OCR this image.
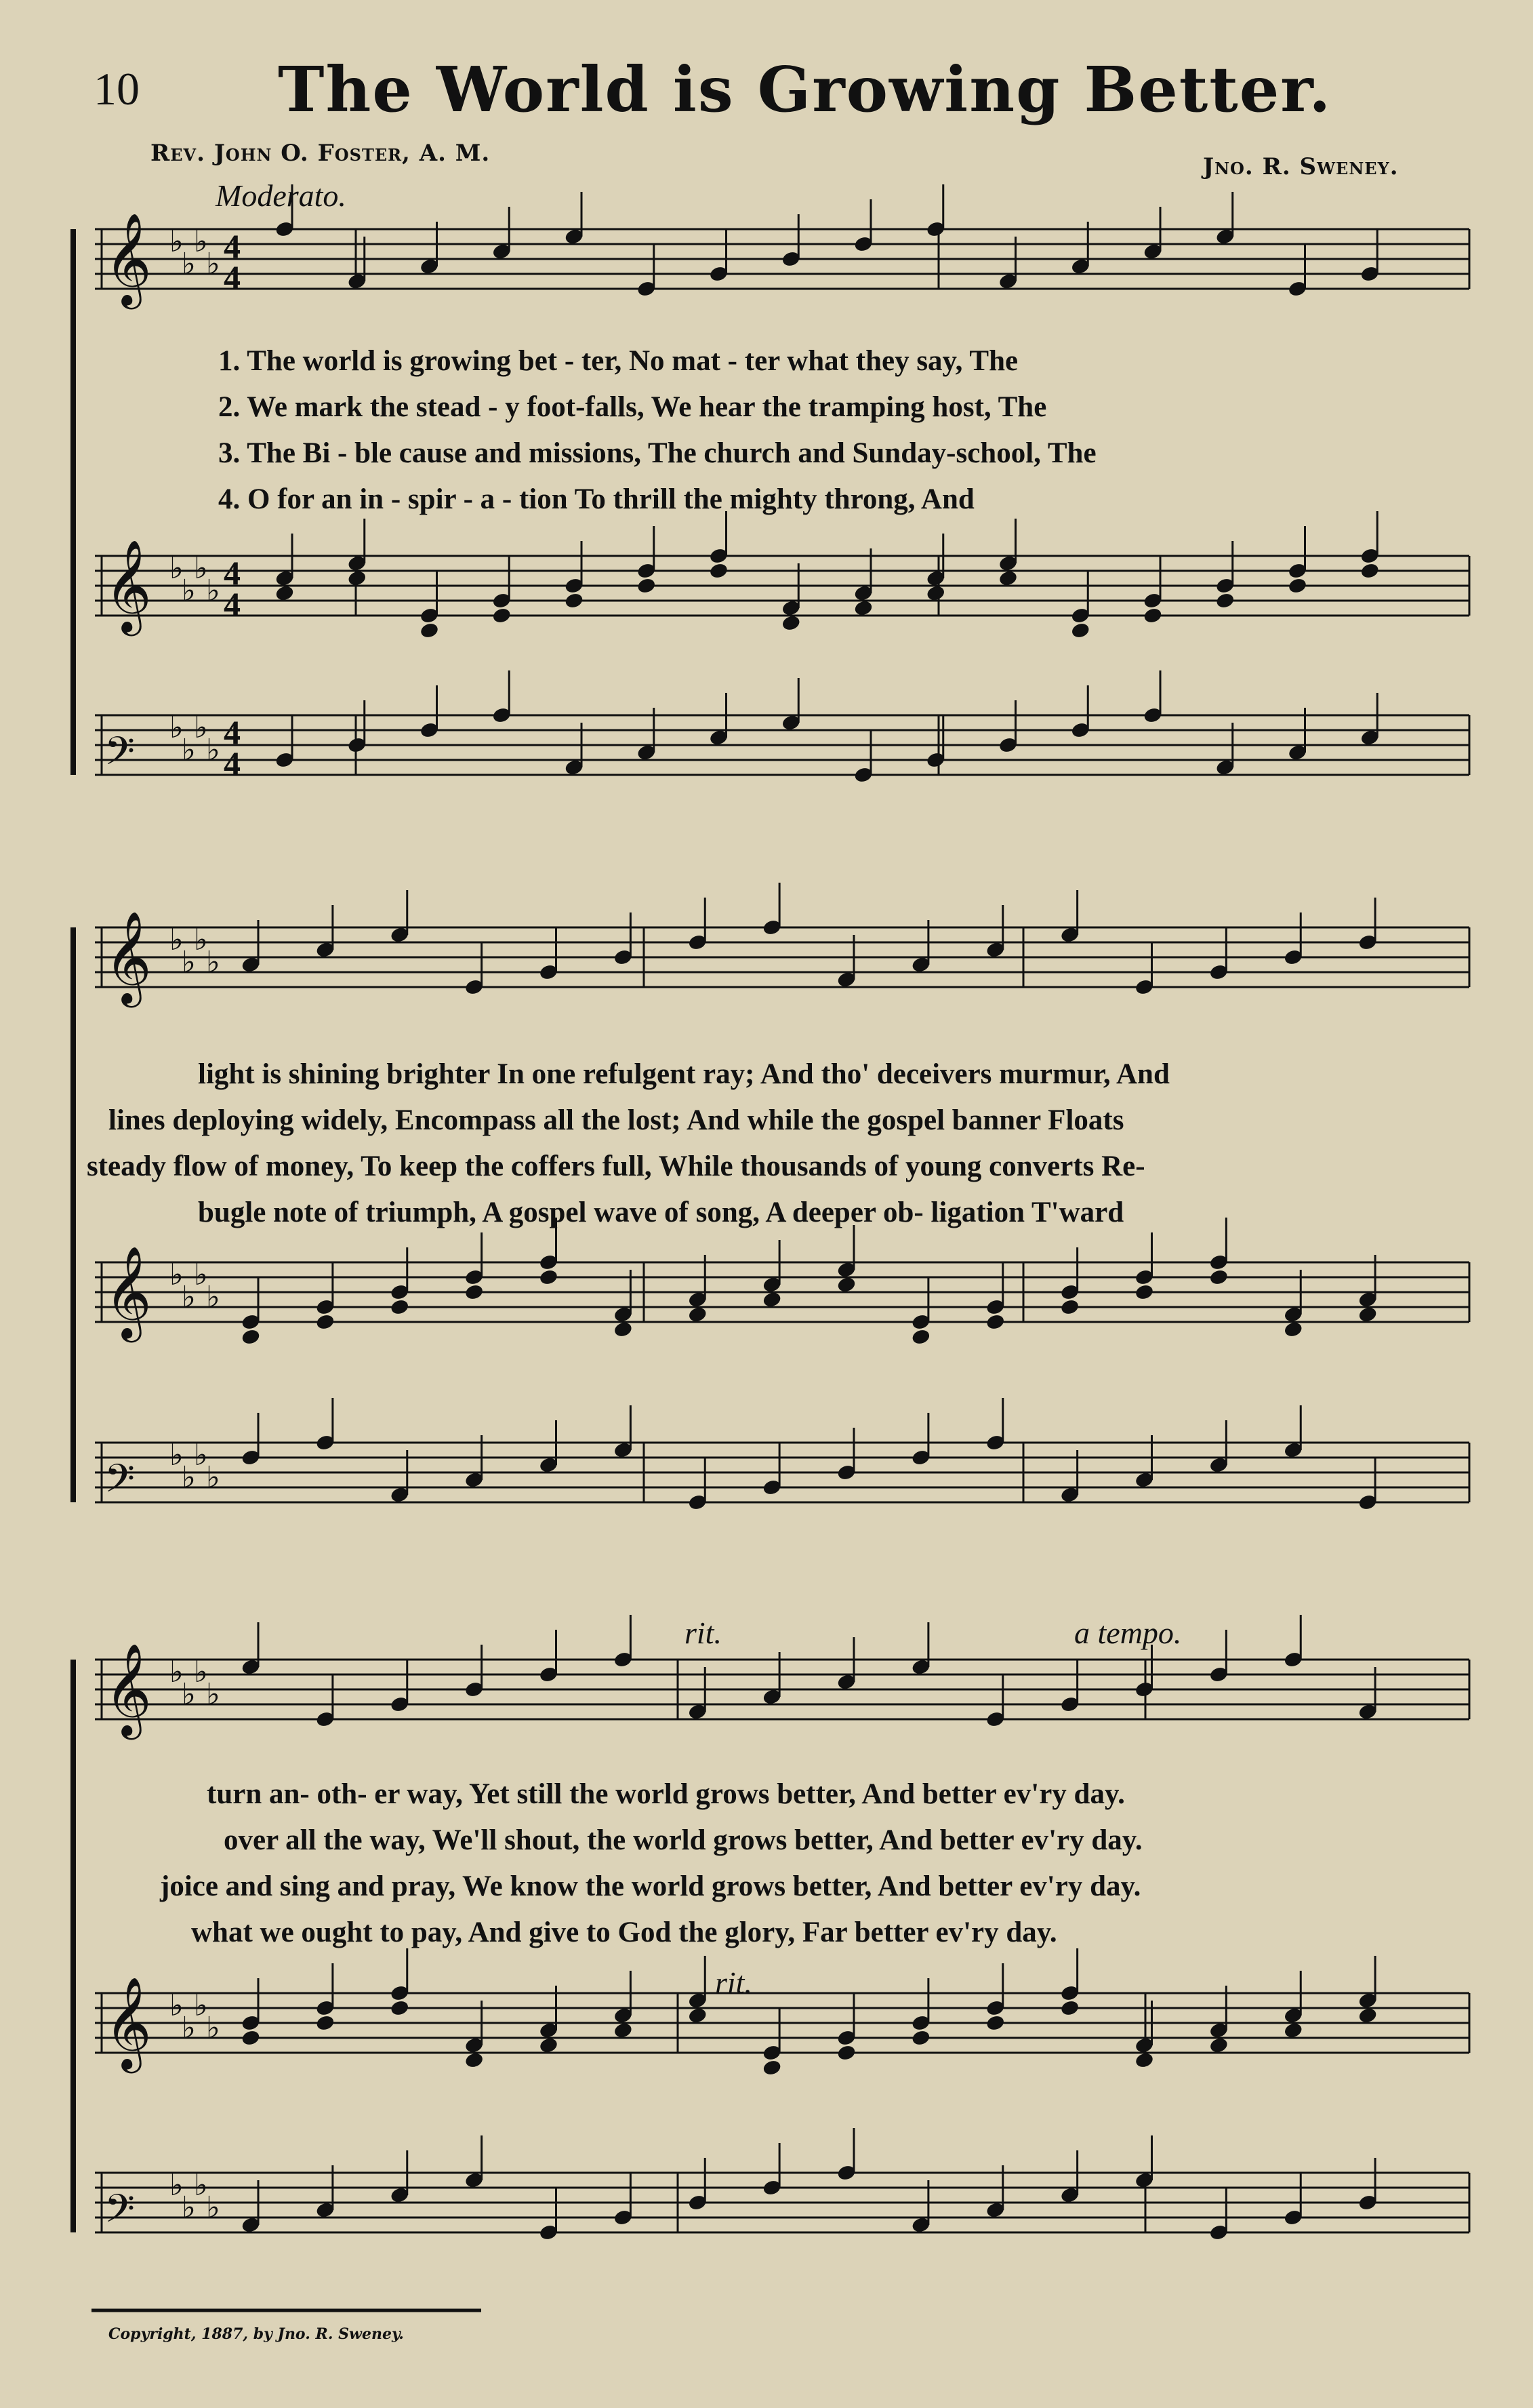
𝄞 ♭
♭
♭
♭ 4
4
𝄞 ♭
♭
♭
♭ 4
4
𝄢
♭
♭
♭
♭ 4
4
𝄞 ♭
♭
♭
♭
𝄞 ♭
♭
♭
♭
𝄢
♭
♭
♭
♭
𝄞 ♭
♭
♭
♭
𝄞 ♭
♭
♭
♭
𝄢
♭
♭
♭
♭
10 The World is Growing Better.
Rev. John O. Foster, A. M.	Jno. R. Sweney.
Moderato.
1. The world is growing bet - ter, No mat - ter what they say, The
2. We mark the stead - y foot-falls, We hear the tramping host, The
3. The Bi - ble cause and missions, The church and Sunday-school, The
4. O for an in - spir - a - tion To thrill the mighty throng, And
light is shining brighter In one refulgent ray; And tho' deceivers murmur, And
lines deploying widely, Encompass all the lost; And while the gospel banner Floats
steady flow of money, To keep the coffers full, While thousands of young converts Re-
bugle note of triumph, A gospel wave of song, A deeper ob- ligation T'ward
rit.	a tempo.
turn an- oth- er way, Yet still the world grows better, And better ev'ry day.
over all the way, We'll shout, the world grows better, And better ev'ry day.
joice and sing and pray, We know the world grows better, And better ev'ry day.
what we ought to pay, And give to God the glory, Far better ev'ry day.
rit.
Copyright, 1887, by Jno. R. Sweney.
